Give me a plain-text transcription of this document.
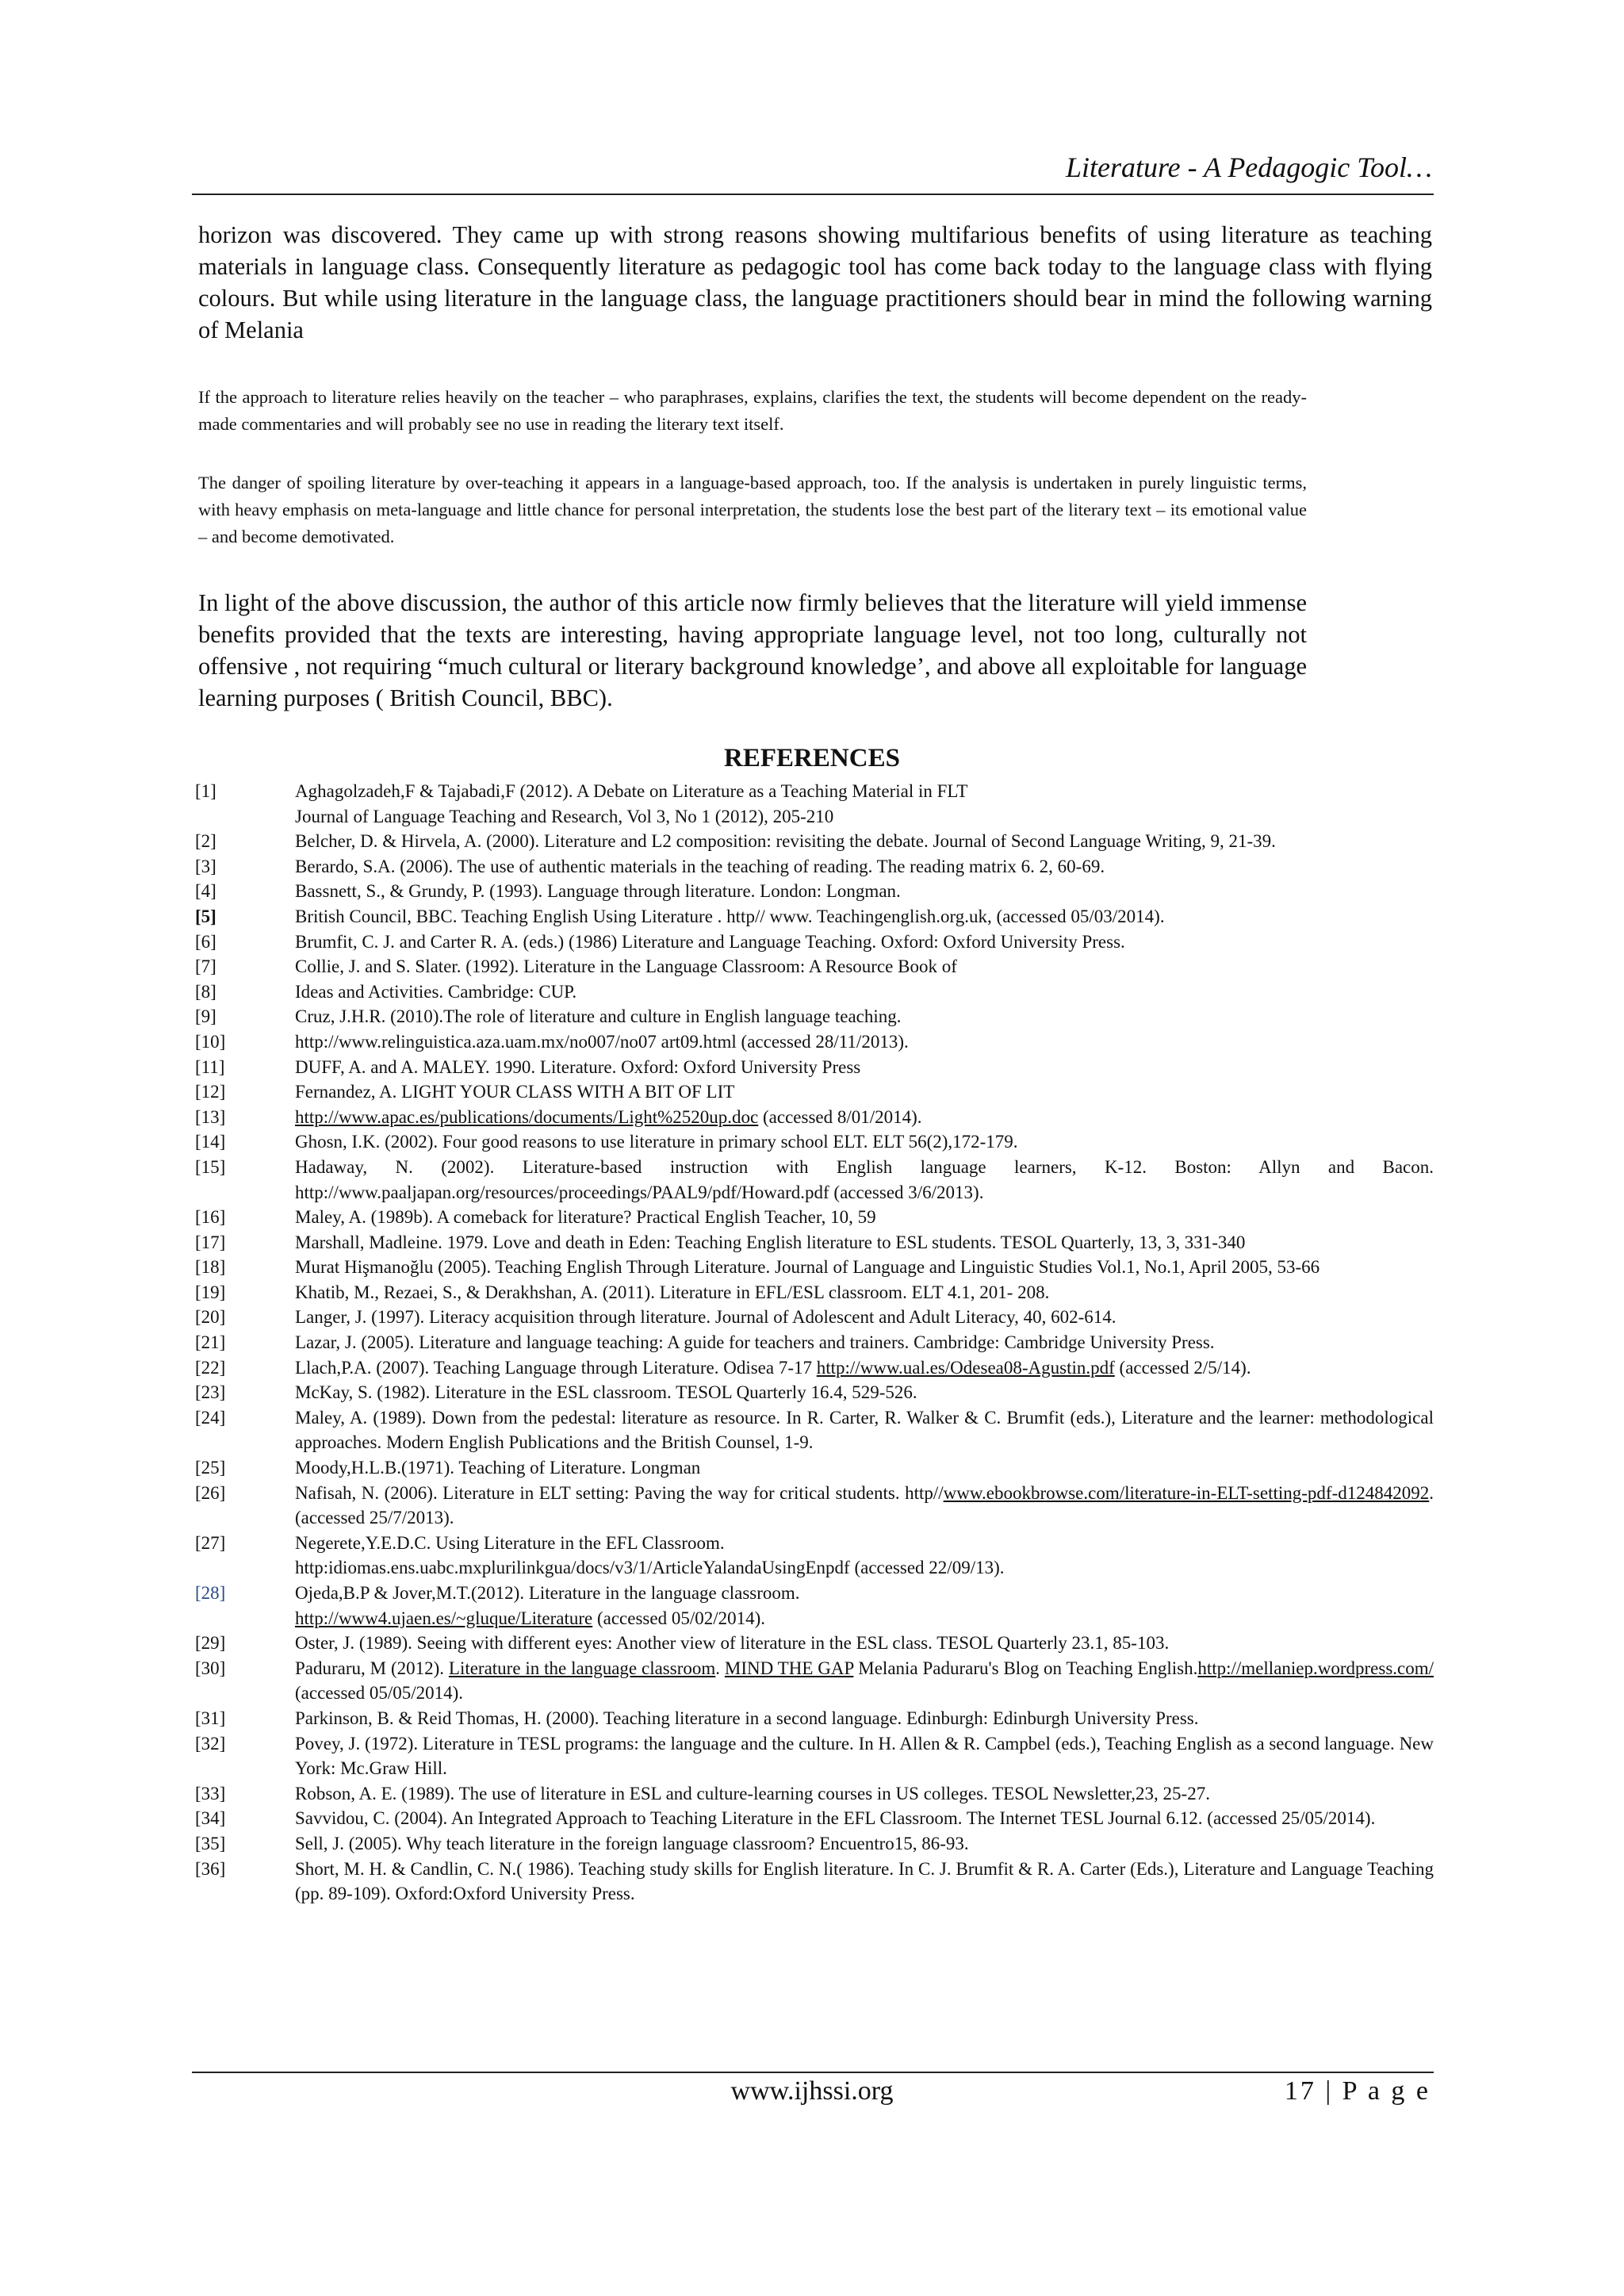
Literature - A Pedagogic Tool…
horizon was discovered. They came up with strong reasons showing multifarious benefits of using literature as teaching materials in language class. Consequently literature as pedagogic tool has come back today to the language class with flying colours. But while using literature in the language class, the language practitioners should bear in mind the following warning of Melania
If the approach to literature relies heavily on the teacher – who paraphrases, explains, clarifies the text, the students will become dependent on the ready-made commentaries and will probably see no use in reading the literary text itself.
The danger of spoiling literature by over-teaching it appears in a language-based approach, too. If the analysis is undertaken in purely linguistic terms, with heavy emphasis on meta-language and little chance for personal interpretation, the students lose the best part of the literary text – its emotional value – and become demotivated.
In light of the above discussion, the author of this article now firmly believes that the literature will yield immense benefits provided that the texts are interesting, having appropriate language level, not too long, culturally not offensive , not requiring “much cultural or literary background knowledge’, and above all exploitable for language learning purposes ( British Council, BBC).
REFERENCES
[1]	Aghagolzadeh,F & Tajabadi,F (2012). A Debate on Literature as a Teaching Material in FLT
Journal of Language Teaching and Research, Vol 3, No 1 (2012), 205-210
[2]	Belcher, D. & Hirvela, A. (2000). Literature and L2 composition: revisiting the debate. Journal of Second Language Writing, 9, 21-39.
[3]	Berardo, S.A. (2006). The use of authentic materials in the teaching of reading. The reading matrix 6. 2, 60-69.
[4]	Bassnett, S., & Grundy, P. (1993). Language through literature. London: Longman.
[5]	British Council, BBC. Teaching English Using Literature . http// www. Teachingenglish.org.uk, (accessed 05/03/2014).
[6]	Brumfit, C. J. and Carter R. A. (eds.) (1986) Literature and Language Teaching. Oxford: Oxford University Press.
[7]	Collie, J. and S. Slater. (1992). Literature in the Language Classroom: A Resource Book of
[8]	Ideas and Activities. Cambridge: CUP.
[9]	Cruz, J.H.R. (2010).The role of literature and culture in English language teaching.
[10]	http://www.relinguistica.aza.uam.mx/no007/no07 art09.html (accessed 28/11/2013).
[11]	DUFF, A. and A. MALEY. 1990. Literature. Oxford: Oxford University Press
[12]	Fernandez, A. LIGHT YOUR CLASS WITH A BIT OF LIT
[13]	http://www.apac.es/publications/documents/Light%2520up.doc (accessed 8/01/2014).
[14]	Ghosn, I.K. (2002). Four good reasons to use literature in primary school ELT. ELT 56(2),172-179.
[15]	Hadaway, N. (2002). Literature-based instruction with English language learners, K-12. Boston: Allyn and Bacon. http://www.paaljapan.org/resources/proceedings/PAAL9/pdf/Howard.pdf (accessed 3/6/2013).
[16]	Maley, A. (1989b). A comeback for literature? Practical English Teacher, 10, 59
[17]	Marshall, Madleine. 1979. Love and death in Eden: Teaching English literature to ESL students. TESOL Quarterly, 13, 3, 331-340
[18]	Murat Hişmanoğlu (2005). Teaching English Through Literature. Journal of Language and Linguistic Studies Vol.1, No.1, April 2005, 53-66
[19]	Khatib, M., Rezaei, S., & Derakhshan, A. (2011). Literature in EFL/ESL classroom. ELT 4.1, 201- 208.
[20]	Langer, J. (1997). Literacy acquisition through literature. Journal of Adolescent and Adult Literacy, 40, 602-614.
[21]	Lazar, J. (2005). Literature and language teaching: A guide for teachers and trainers. Cambridge: Cambridge University Press.
[22]	Llach,P.A. (2007). Teaching Language through Literature. Odisea 7-17 http://www.ual.es/Odesea08-Agustin.pdf (accessed 2/5/14).
[23]	McKay, S. (1982). Literature in the ESL classroom. TESOL Quarterly 16.4, 529-526.
[24]	Maley, A. (1989). Down from the pedestal: literature as resource. In R. Carter, R. Walker & C. Brumfit (eds.), Literature and the learner: methodological approaches. Modern English Publications and the British Counsel, 1-9.
[25]	Moody,H.L.B.(1971). Teaching of Literature. Longman
[26]	Nafisah, N. (2006). Literature in ELT setting: Paving the way for critical students. http//www.ebookbrowse.com/literature-in-ELT-setting-pdf-d124842092. (accessed 25/7/2013).
[27]	Negerete,Y.E.D.C. Using Literature in the EFL Classroom.
http:idiomas.ens.uabc.mxplurilinkgua/docs/v3/1/ArticleYalandaUsingEnpdf (accessed 22/09/13).
[28]	Ojeda,B.P & Jover,M.T.(2012). Literature in the language classroom.
http://www4.ujaen.es/~gluque/Literature (accessed 05/02/2014).
[29]	Oster, J. (1989). Seeing with different eyes: Another view of literature in the ESL class. TESOL Quarterly 23.1, 85-103.
[30]	Paduraru, M (2012). Literature in the language classroom. MIND THE GAP Melania Paduraru's Blog on Teaching English.http://mellaniep.wordpress.com/ (accessed 05/05/2014).
[31]	Parkinson, B. & Reid Thomas, H. (2000). Teaching literature in a second language. Edinburgh: Edinburgh University Press.
[32]	Povey, J. (1972). Literature in TESL programs: the language and the culture. In H. Allen & R. Campbel (eds.), Teaching English as a second language. New York: Mc.Graw Hill.
[33]	Robson, A. E. (1989). The use of literature in ESL and culture-learning courses in US colleges. TESOL Newsletter,23, 25-27.
[34]	Savvidou, C. (2004). An Integrated Approach to Teaching Literature in the EFL Classroom. The Internet TESL Journal 6.12. (accessed 25/05/2014).
[35]	Sell, J. (2005). Why teach literature in the foreign language classroom? Encuentro15, 86-93.
[36]	Short, M. H. & Candlin, C. N.( 1986). Teaching study skills for English literature. In C. J. Brumfit & R. A. Carter (Eds.), Literature and Language Teaching (pp. 89-109). Oxford:Oxford University Press.
www.ijhssi.org	17 | P a g e
